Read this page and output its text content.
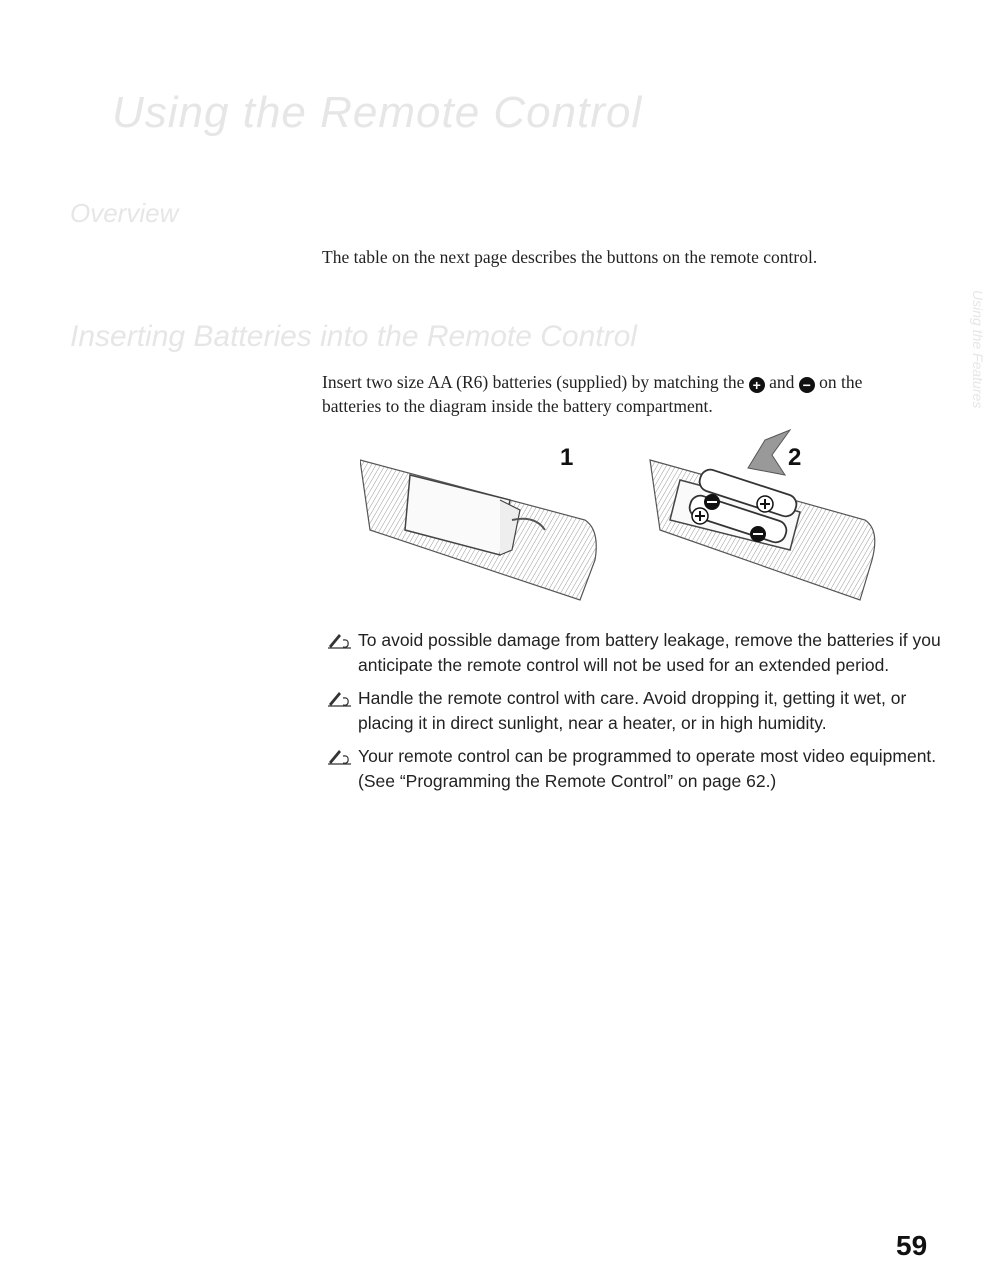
Using the Remote Control
Using the Features
Overview
The table on the next page describes the buttons on the remote control.
Inserting Batteries into the Remote Control
Insert two size AA (R6) batteries (supplied) by matching the + and − on the batteries to the diagram inside the battery compartment.
1	2
To avoid possible damage from battery leakage, remove the batteries if you anticipate the remote control will not be used for an extended period.
Handle the remote control with care. Avoid dropping it, getting it wet, or placing it in direct sunlight, near a heater, or in high humidity.
Your remote control can be programmed to operate most video equipment. (See “Programming the Remote Control” on page 62.)
59
